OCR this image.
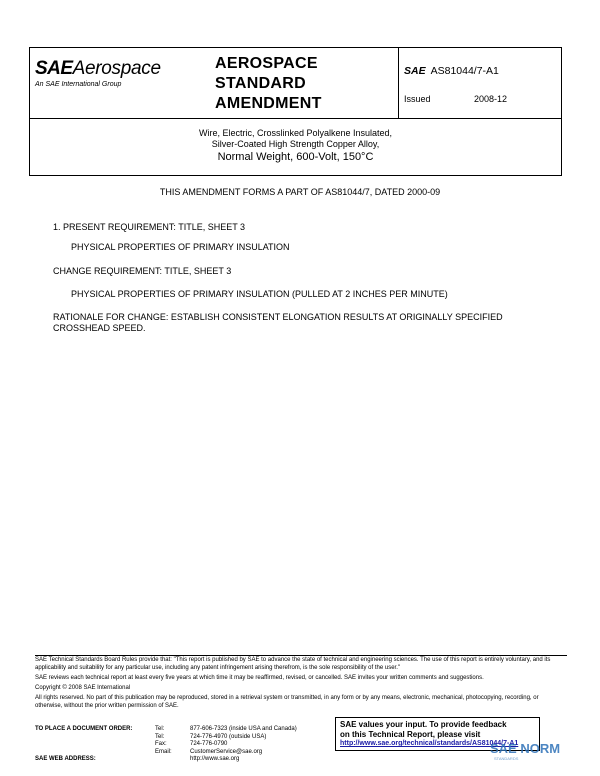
SAEAerospace
An SAE International Group
AEROSPACE
STANDARD
AMENDMENT
SAE AS81044/7-A1
Issued	2008-12
Wire, Electric, Crosslinked Polyalkene Insulated,
Silver-Coated High Strength Copper Alloy,
Normal Weight, 600-Volt, 150°C
THIS AMENDMENT FORMS A PART OF AS81044/7, DATED 2000-09
1. PRESENT REQUIREMENT: TITLE, SHEET 3
PHYSICAL PROPERTIES OF PRIMARY INSULATION
CHANGE REQUIREMENT: TITLE, SHEET 3
PHYSICAL PROPERTIES OF PRIMARY INSULATION (PULLED AT 2 INCHES PER MINUTE)
RATIONALE FOR CHANGE: ESTABLISH CONSISTENT ELONGATION RESULTS AT ORIGINALLY SPECIFIED
CROSSHEAD SPEED.

SAE Technical Standards Board Rules provide that: "This report is published by SAE to advance the state of technical and engineering sciences. The use of this report is entirely voluntary, and its applicability and suitability for any particular use, including any patent infringement arising therefrom, is the sole responsibility of the user."

SAE reviews each technical report at least every five years at which time it may be reaffirmed, revised, or cancelled. SAE invites your written comments and suggestions.

Copyright © 2008 SAE International

All rights reserved. No part of this publication may be reproduced, stored in a retrieval system or transmitted, in any form or by any means, electronic, mechanical, photocopying, recording, or otherwise, without the prior written permission of SAE.

TO PLACE A DOCUMENT ORDER:	Tel:	877-606-7323 (inside USA and Canada)
Tel:	724-776-4970 (outside USA)
Fax:	724-776-0790
Email:	CustomerService@sae.org
SAE WEB ADDRESS:	http://www.sae.org
SAE values your input. To provide feedback
on this Technical Report, please visit
http://www.sae.org/technical/standards/AS81044/7-A1
SAE NORM
STANDARDS
